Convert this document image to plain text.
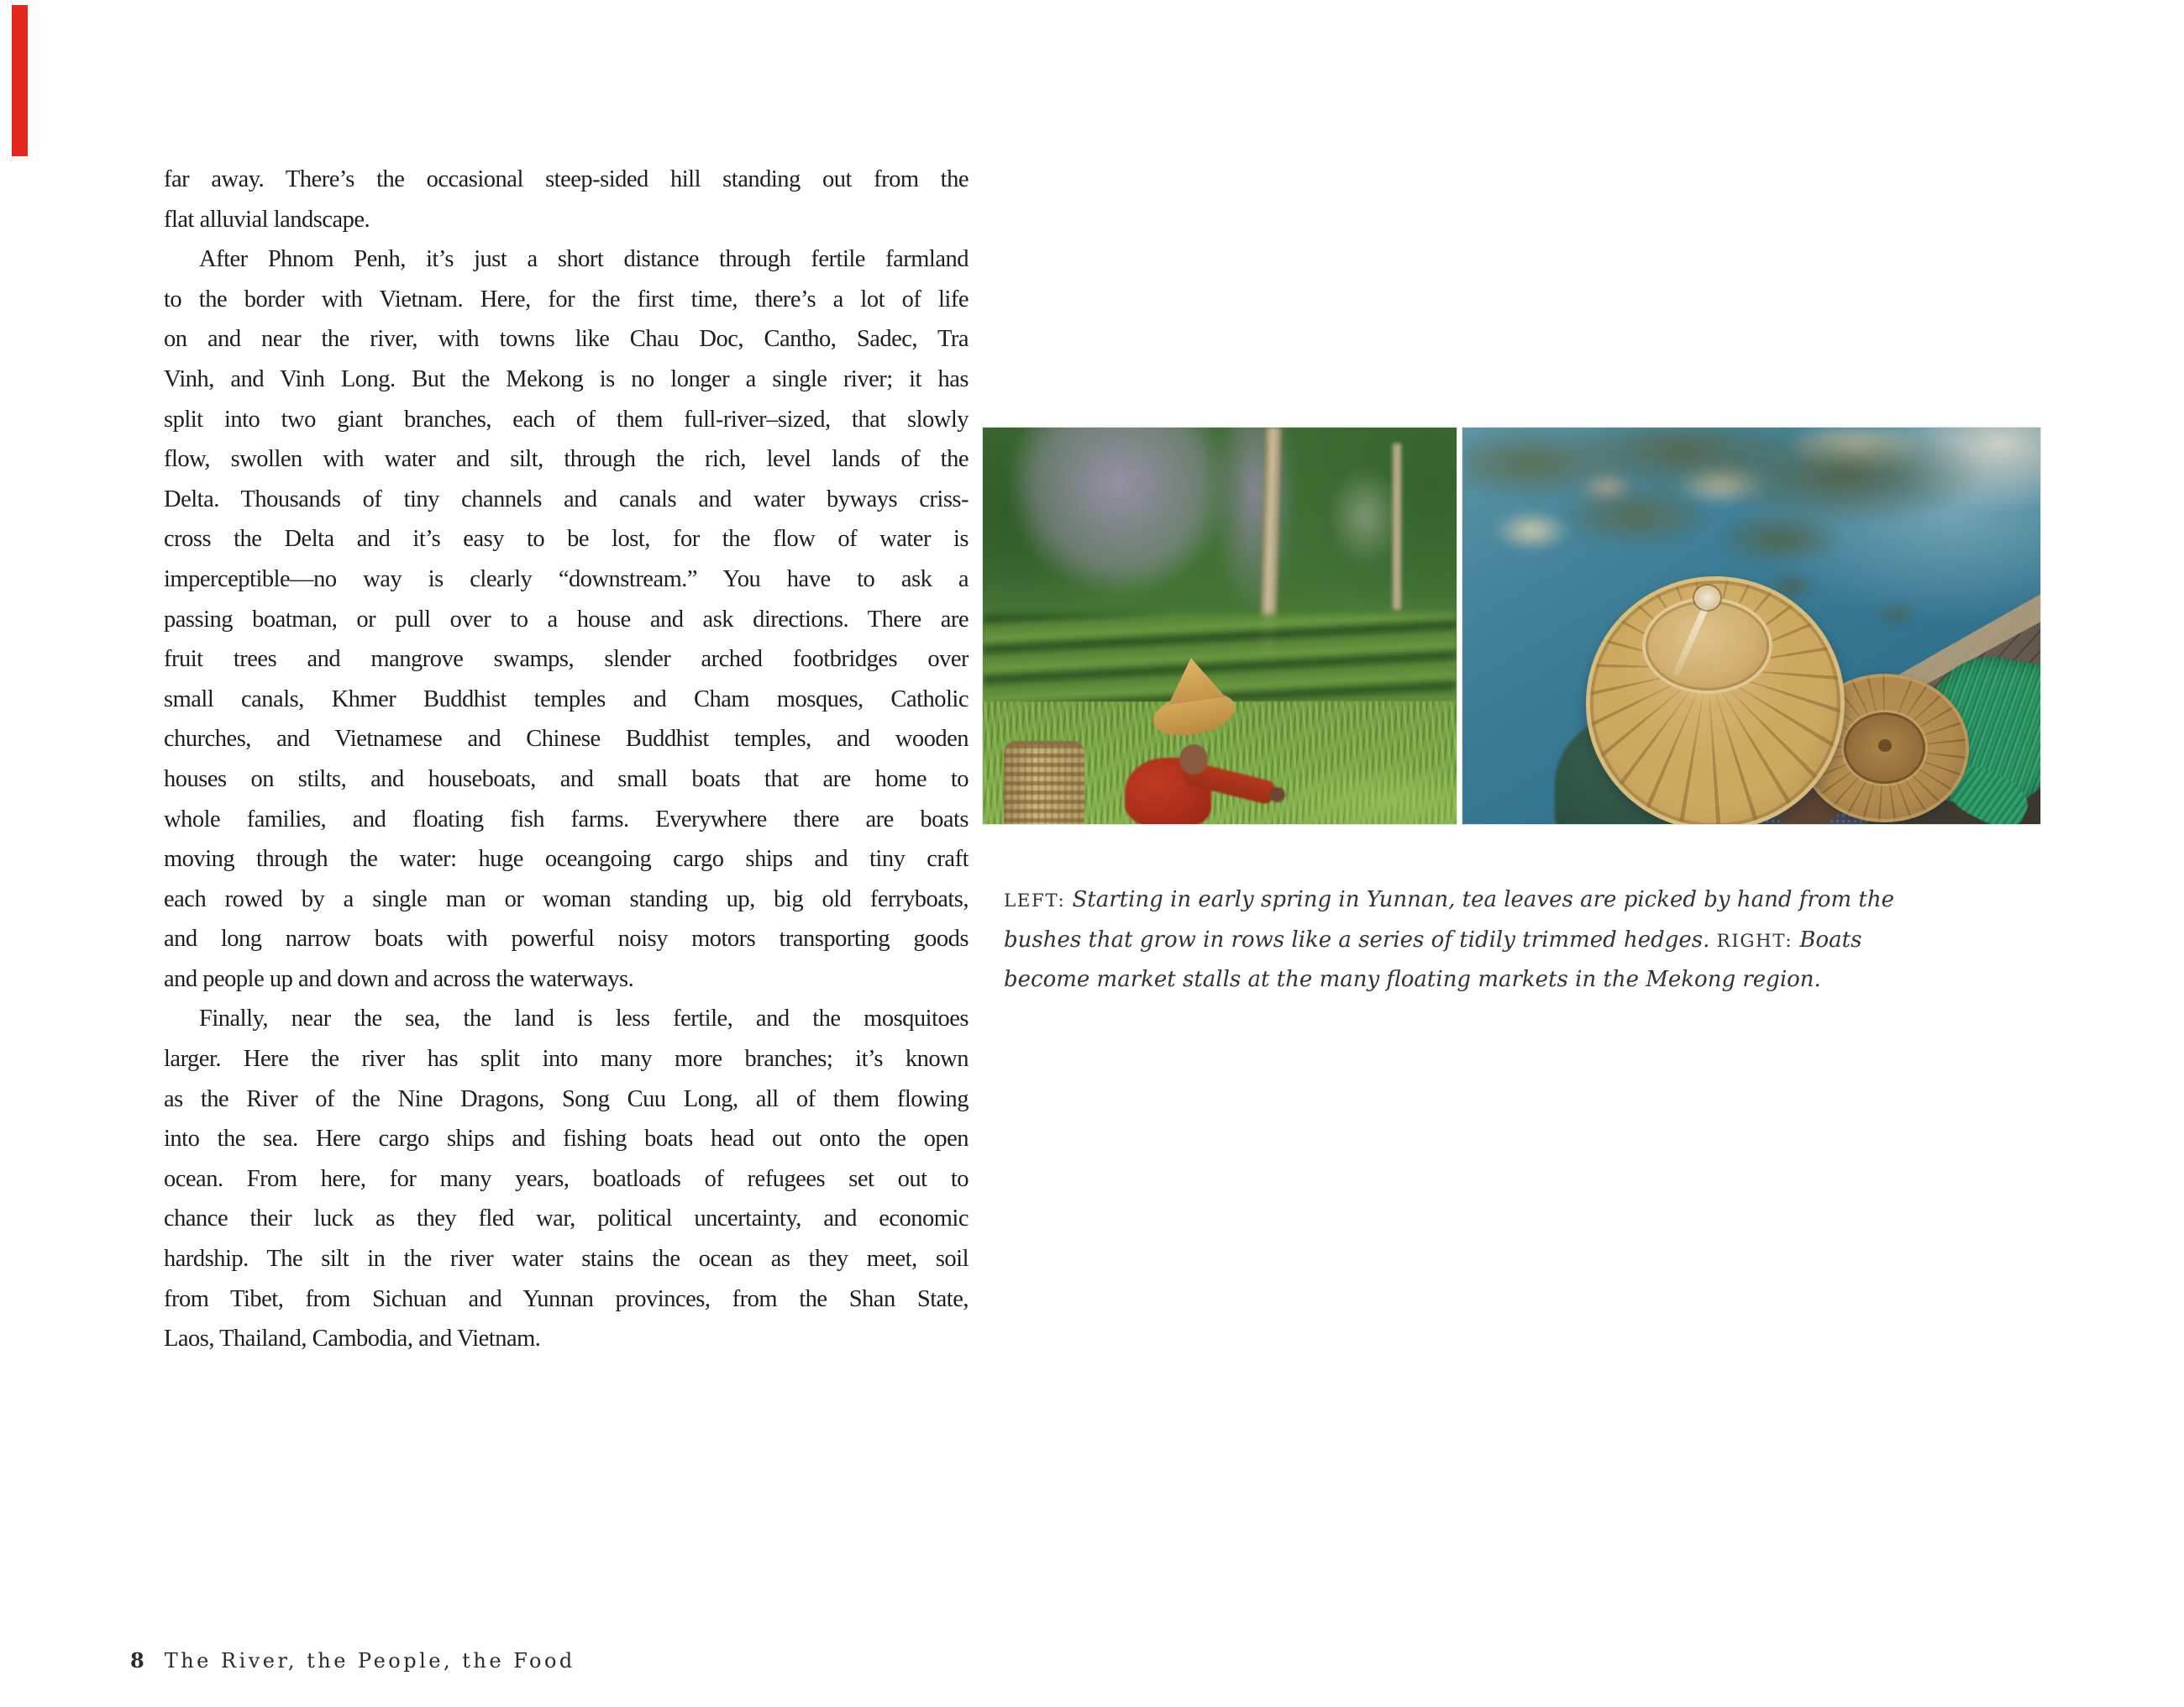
far away. There’s the occasional steep-sided hill standing out from the
flat alluvial landscape.
After Phnom Penh, it’s just a short distance through fertile farmland
to the border with Vietnam. Here, for the first time, there’s a lot of life
on and near the river, with towns like Chau Doc, Cantho, Sadec, Tra
Vinh, and Vinh Long. But the Mekong is no longer a single river; it has
split into two giant branches, each of them full-river–sized, that slowly
flow, swollen with water and silt, through the rich, level lands of the
Delta. Thousands of tiny channels and canals and water byways criss-
cross the Delta and it’s easy to be lost, for the flow of water is
imperceptible—no way is clearly “downstream.” You have to ask a
passing boatman, or pull over to a house and ask directions. There are
fruit trees and mangrove swamps, slender arched footbridges over
small canals, Khmer Buddhist temples and Cham mosques, Catholic
churches, and Vietnamese and Chinese Buddhist temples, and wooden
houses on stilts, and houseboats, and small boats that are home to
whole families, and floating fish farms. Everywhere there are boats
moving through the water: huge oceangoing cargo ships and tiny craft
each rowed by a single man or woman standing up, big old ferryboats,
and long narrow boats with powerful noisy motors transporting goods
and people up and down and across the waterways.
Finally, near the sea, the land is less fertile, and the mosquitoes
larger. Here the river has split into many more branches; it’s known
as the River of the Nine Dragons, Song Cuu Long, all of them flowing
into the sea. Here cargo ships and fishing boats head out onto the open
ocean. From here, for many years, boatloads of refugees set out to
chance their luck as they fled war, political uncertainty, and economic
hardship. The silt in the river water stains the ocean as they meet, soil
from Tibet, from Sichuan and Yunnan provinces, from the Shan State,
Laos, Thailand, Cambodia, and Vietnam.
LEFT: Starting in early spring in Yunnan, tea leaves are picked by hand from the
bushes that grow in rows like a series of tidily trimmed hedges. RIGHT: Boats
become market stalls at the many floating markets in the Mekong region.
8 The River, the People, the Food
